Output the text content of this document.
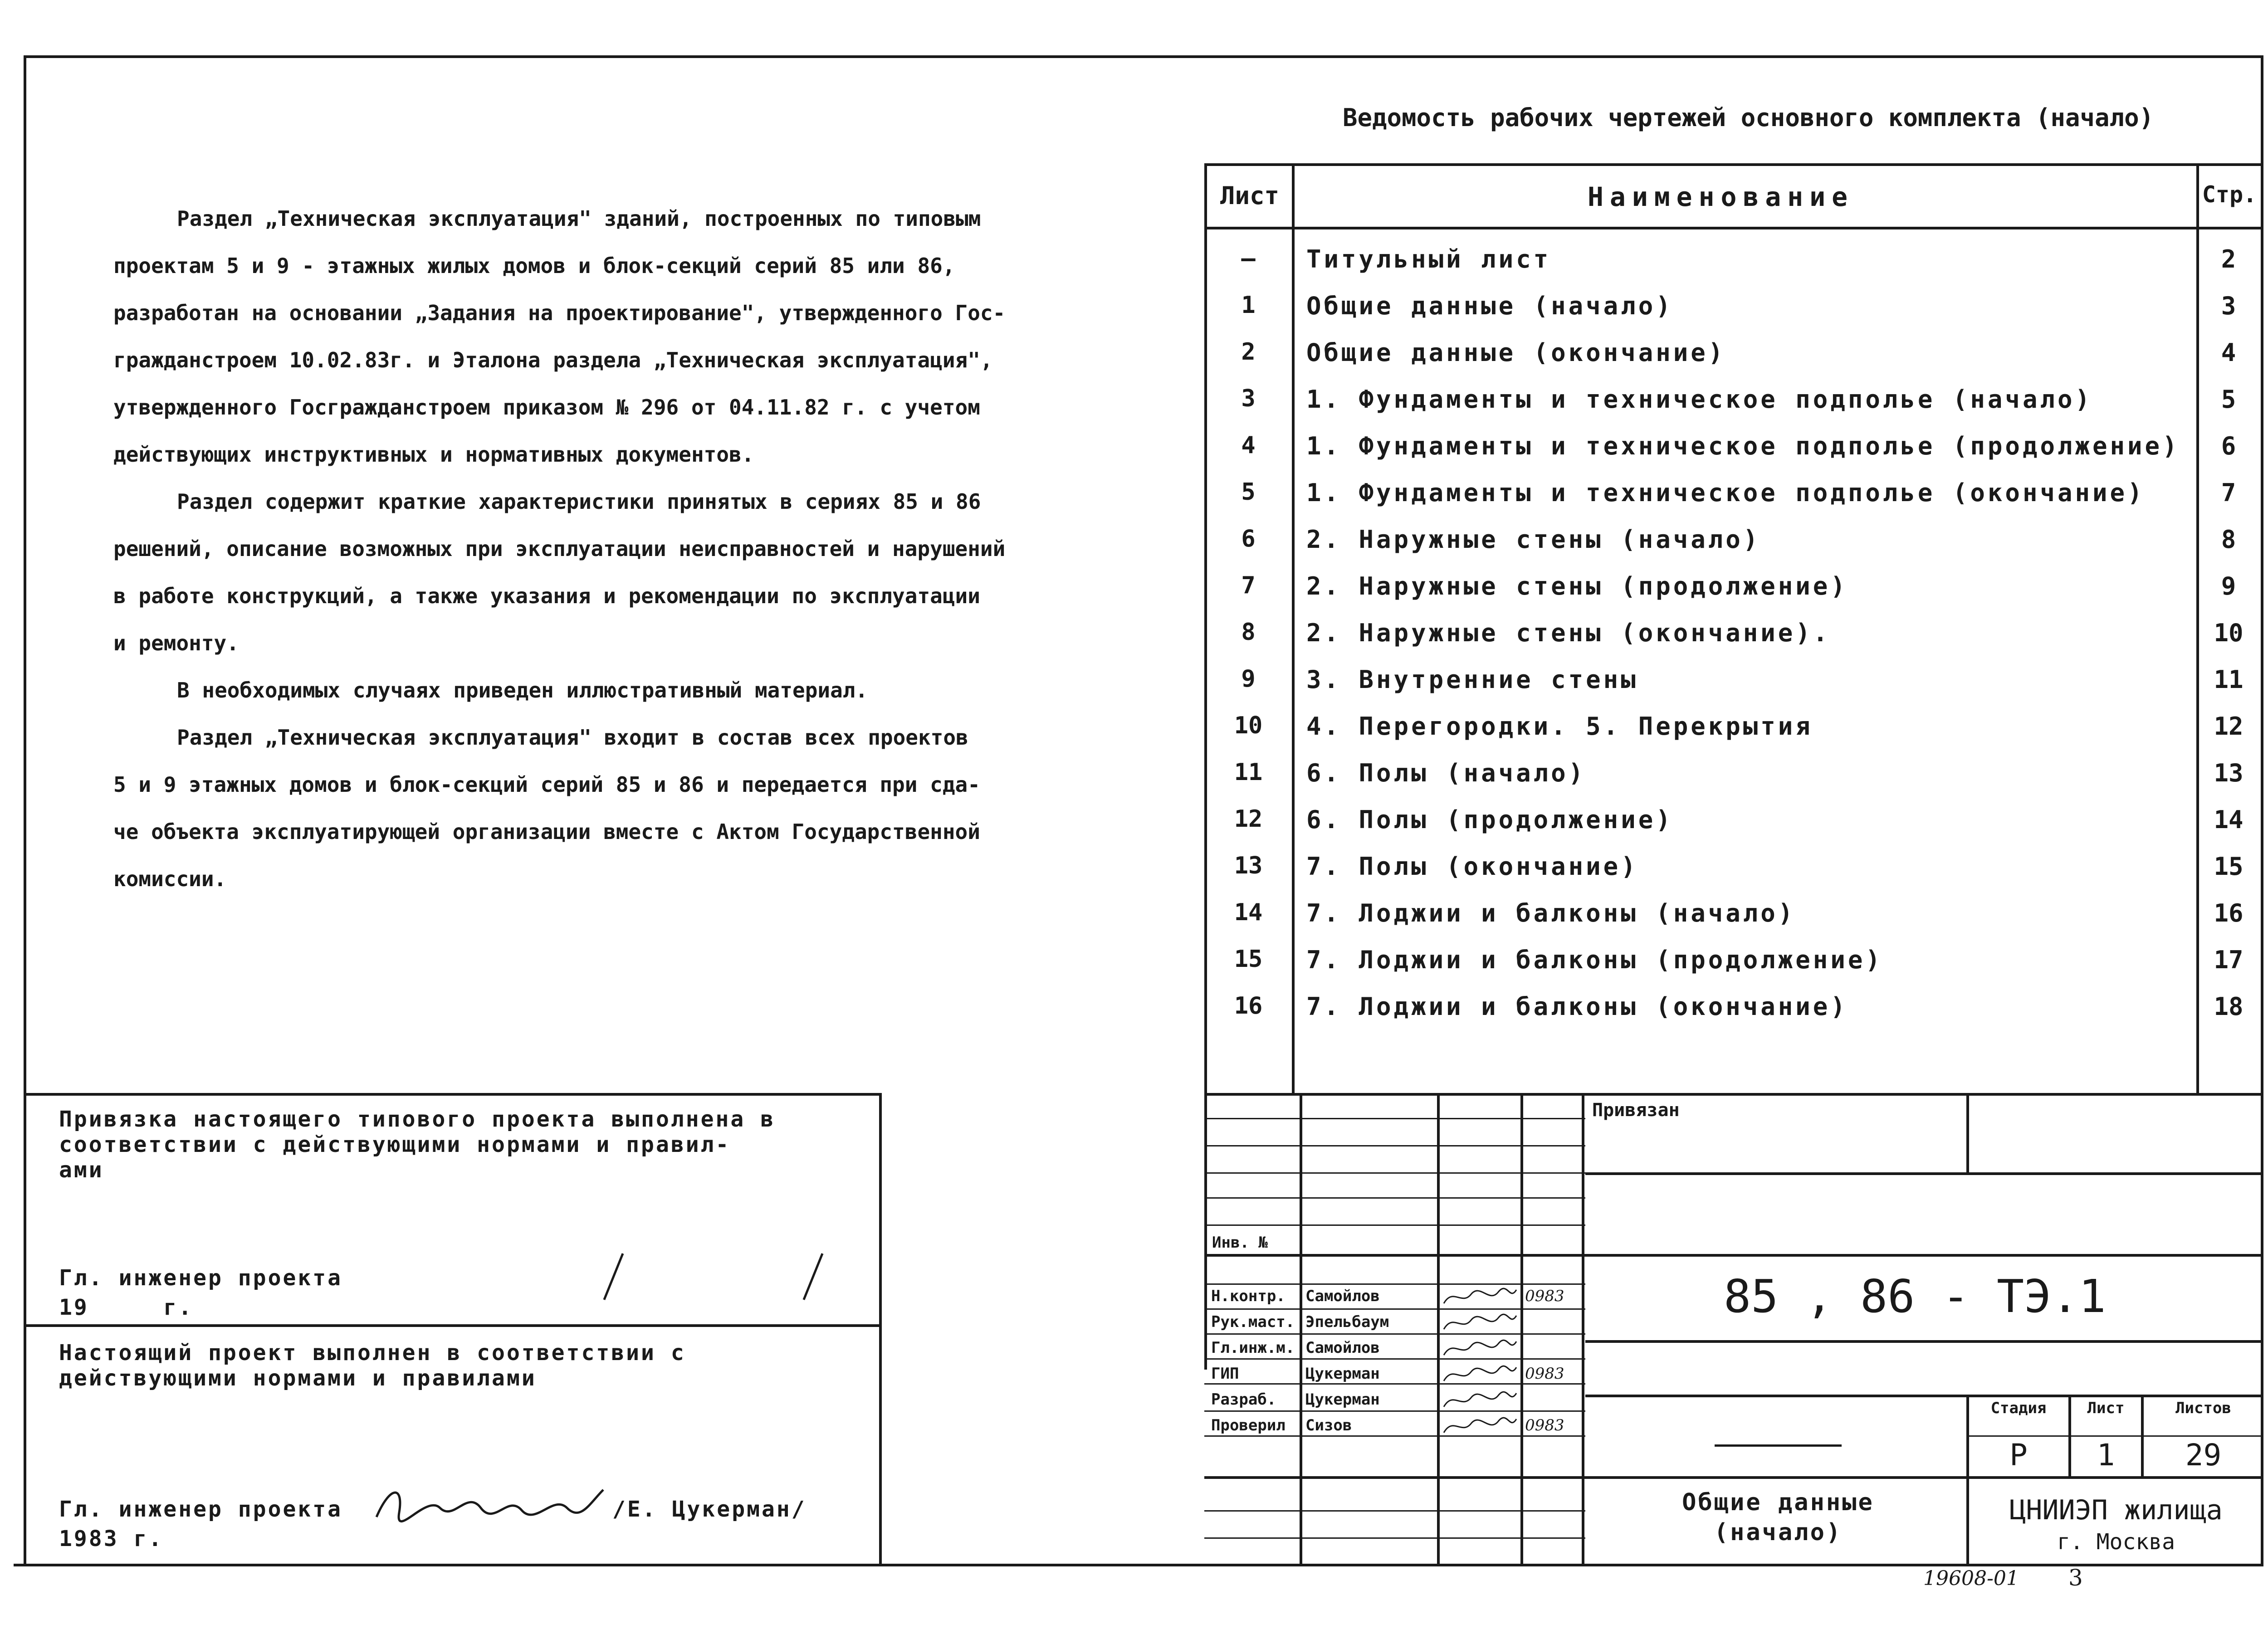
Раздел „Техническая эксплуатация" зданий, построенных по типовым
проектам 5 и 9 - этажных жилых домов и блок-секций серий 85 или 86,
разработан на основании „Задания на проектирование", утвержденного Гос-
гражданстроем 10.02.83г. и Эталона раздела „Техническая эксплуатация",
утвержденного Госгражданстроем приказом № 296 от 04.11.82 г. с учетом
действующих инструктивных и нормативных документов.
Раздел содержит краткие характеристики принятых в сериях 85 и 86
решений, описание возможных при эксплуатации неисправностей и нарушений
в работе конструкций, а также указания и рекомендации по эксплуатации
и ремонту.
В необходимых случаях приведен иллюстративный материал.
Раздел „Техническая эксплуатация" входит в состав всех проектов
5 и 9 этажных домов и блок-секций серий 85 и 86 и передается при сда-
че объекта эксплуатирующей организации вместе с Актом Государственной
комиссии.
Ведомость рабочих чертежей основного комплекта (начало)
Лист	Наименование	Стр.
—	Титульный лист	2
1	Общие данные (начало)	3
2	Общие данные (окончание)	4
3	1. Фундаменты и техническое подполье (начало)	5
4	1. Фундаменты и техническое подполье (продолжение)	6
5	1. Фундаменты и техническое подполье (окончание)	7
6	2. Наружные стены (начало)	8
7	2. Наружные стены (продолжение)	9
8	2. Наружные стены (окончание).	10
9	3. Внутренние стены	11
10	4. Перегородки. 5. Перекрытия	12
11	6. Полы (начало)	13
12	6. Полы (продолжение)	14
13	7. Полы (окончание)	15
14	7. Лоджии и балконы (начало)	16
15	7. Лоджии и балконы (продолжение)	17
16	7. Лоджии и балконы (окончание)	18
Привязка настоящего типового проекта выполнена в
соответствии с действующими нормами и правил-
ами
Гл. инженер проекта
19     г.
Настоящий проект выполнен в соответствии с
действующими нормами и правилами
Гл. инженер проекта	/Е. Цукерман/
1983 г.
Привязан
Инв. №
Н.контр. Самойлов	0983
Рук.маст. Эпельбаум
Гл.инж.м. Самойлов
ГИП	Цукерман	0983
Разраб. Цукерман
Проверил Сизов	0983
85 , 86 - ТЭ.1
Стадия	Лист	Листов
Р	1	29
Общие данные
(начало)
ЦНИИЭП жилища
г. Москва
19608-01 3
